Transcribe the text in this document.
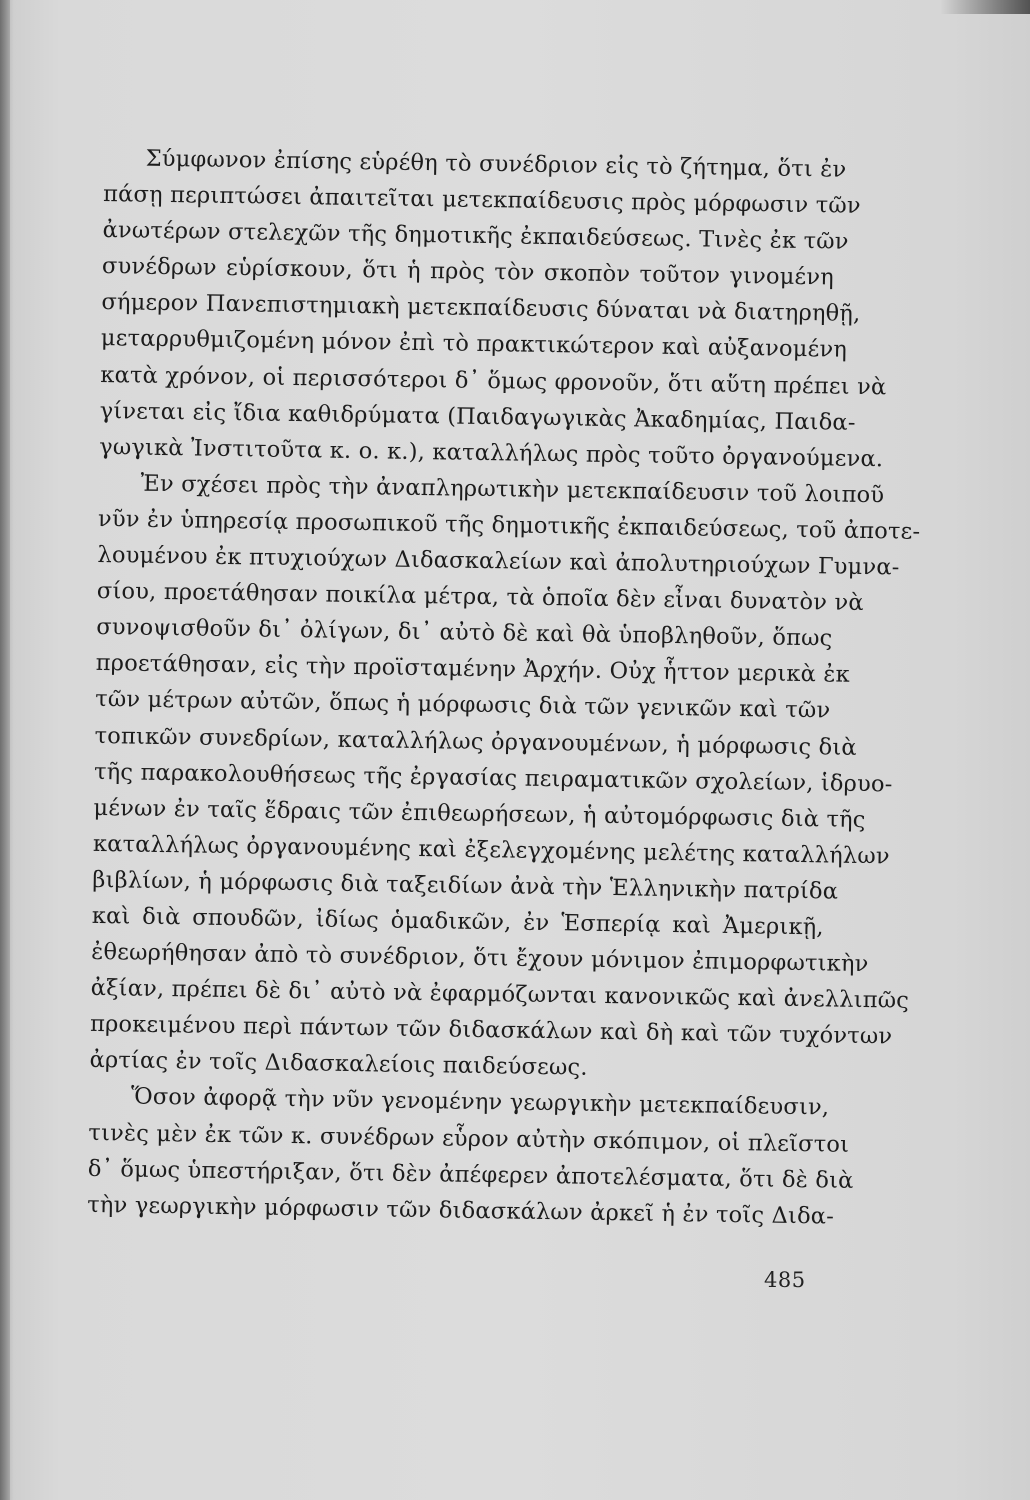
Σύμφωνον ἐπίσης εὑρέθη τὸ συνέδριον εἰς τὸ ζήτημα, ὅτι ἐν
πάσῃ περιπτώσει ἀπαιτεῖται μετεκπαίδευσις πρὸς μόρφωσιν τῶν
ἀνωτέρων στελεχῶν τῆς δημοτικῆς ἐκπαιδεύσεως. Τινὲς ἐκ τῶν
συνέδρων εὑρίσκουν, ὅτι ἡ πρὸς τὸν σκοπὸν τοῦτον γινομένη
σήμερον Πανεπιστημιακὴ μετεκπαίδευσις δύναται νὰ διατηρηθῇ,
μεταρρυθμιζομένη μόνον ἐπὶ τὸ πρακτικώτερον καὶ αὐξανομένη
κατὰ χρόνον, οἱ περισσότεροι δ᾿ ὅμως φρονοῦν, ὅτι αὕτη πρέπει νὰ
γίνεται εἰς ἴδια καθιδρύματα (Παιδαγωγικὰς Ἀκαδημίας, Παιδα-
γωγικὰ Ἰνστιτοῦτα κ. ο. κ.), καταλλήλως πρὸς τοῦτο ὀργανούμενα.
Ἐν σχέσει πρὸς τὴν ἀναπληρωτικὴν μετεκπαίδευσιν τοῦ λοιποῦ
νῦν ἐν ὑπηρεσίᾳ προσωπικοῦ τῆς δημοτικῆς ἐκπαιδεύσεως, τοῦ ἀποτε-
λουμένου ἐκ πτυχιούχων Διδασκαλείων καὶ ἀπολυτηριούχων Γυμνα-
σίου, προετάθησαν ποικίλα μέτρα, τὰ ὁποῖα δὲν εἶναι δυνατὸν νὰ
συνοψισθοῦν δι᾿ ὀλίγων, δι᾿ αὐτὸ δὲ καὶ θὰ ὑποβληθοῦν, ὅπως
προετάθησαν, εἰς τὴν προϊσταμένην Ἀρχήν. Οὐχ ἧττον μερικὰ ἐκ
τῶν μέτρων αὐτῶν, ὅπως ἡ μόρφωσις διὰ τῶν γενικῶν καὶ τῶν
τοπικῶν συνεδρίων, καταλλήλως ὀργανουμένων, ἡ μόρφωσις διὰ
τῆς παρακολουθήσεως τῆς ἐργασίας πειραματικῶν σχολείων, ἱδρυο-
μένων ἐν ταῖς ἕδραις τῶν ἐπιθεωρήσεων, ἡ αὐτομόρφωσις διὰ τῆς
καταλλήλως ὀργανουμένης καὶ ἐξελεγχομένης μελέτης καταλλήλων
βιβλίων, ἡ μόρφωσις διὰ ταξειδίων ἀνὰ τὴν Ἑλληνικὴν πατρίδα
καὶ διὰ σπουδῶν, ἰδίως ὁμαδικῶν, ἐν Ἑσπερίᾳ καὶ Ἀμερικῇ,
ἐθεωρήθησαν ἀπὸ τὸ συνέδριον, ὅτι ἔχουν μόνιμον ἐπιμορφωτικὴν
ἀξίαν, πρέπει δὲ δι᾿ αὐτὸ νὰ ἐφαρμόζωνται κανονικῶς καὶ ἀνελλιπῶς
προκειμένου περὶ πάντων τῶν διδασκάλων καὶ δὴ καὶ τῶν τυχόντων
ἀρτίας ἐν τοῖς Διδασκαλείοις παιδεύσεως.
Ὅσον ἀφορᾷ τὴν νῦν γενομένην γεωργικὴν μετεκπαίδευσιν,
τινὲς μὲν ἐκ τῶν κ. συνέδρων εὗρον αὐτὴν σκόπιμον, οἱ πλεῖστοι
δ᾿ ὅμως ὑπεστήριξαν, ὅτι δὲν ἀπέφερεν ἀποτελέσματα, ὅτι δὲ διὰ
τὴν γεωργικὴν μόρφωσιν τῶν διδασκάλων ἀρκεῖ ἡ ἐν τοῖς Διδα-
485
